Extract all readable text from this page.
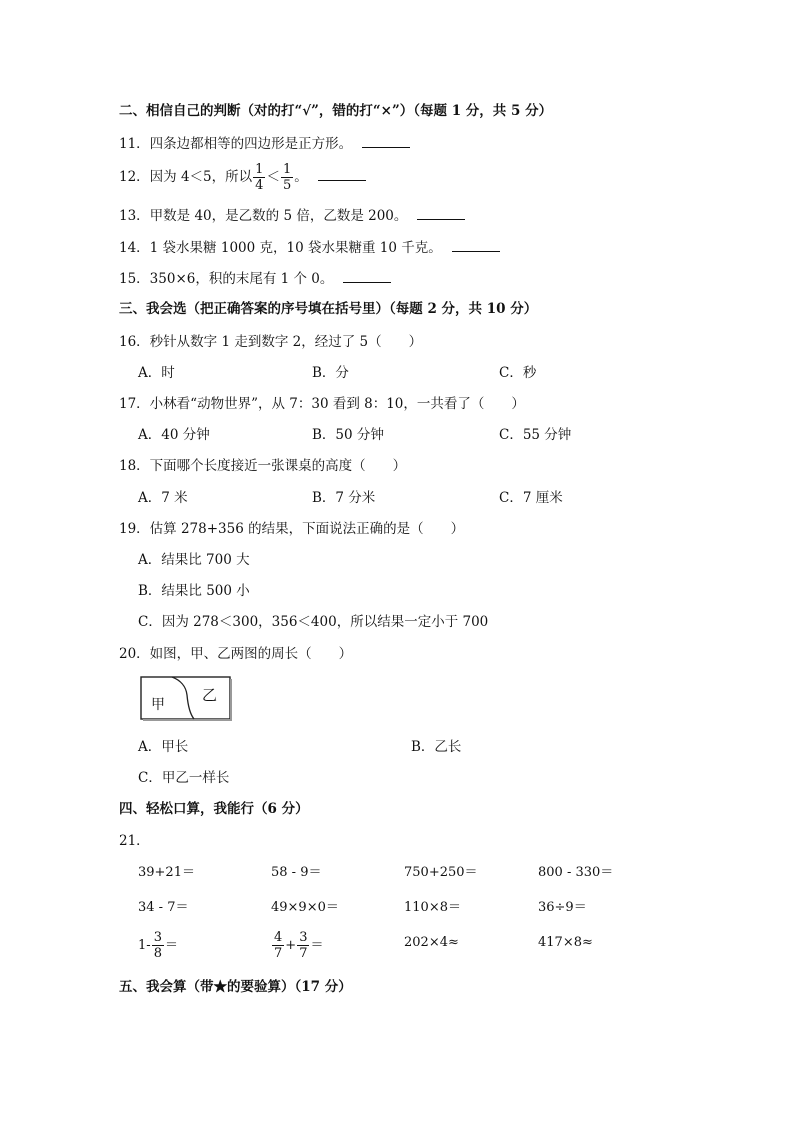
二、相信自己的判断（对的打“√”，错的打“×”）（每题 1 分，共 5 分）
11．四条边都相等的四边形是正方形。
12．因为 4＜5，所以 $\frac{1}{4} < \frac{1}{5}$ 。
13．甲数是 40，是乙数的 5 倍，乙数是 200。
14．1 袋水果糖 1000 克，10 袋水果糖重 10 千克。
15．350×6，积的末尾有 1 个 0。
三、我会选（把正确答案的序号填在括号里）（每题 2 分，共 10 分）
16．秒针从数字 1 走到数字 2，经过了 5（　　）
A．时	B．分	C．秒
17．小林看“动物世界”，从 7：30 看到 8：10，一共看了（　　）
A．40 分钟	B．50 分钟	C．55 分钟
18．下面哪个长度接近一张课桌的高度（　　）
A．7 米	B．7 分米	C．7 厘米
19．估算 278+356 的结果，下面说法正确的是（　　）
A．结果比 700 大
B．结果比 500 小
C．因为 278＜300，356＜400，所以结果一定小于 700
20．如图，甲、乙两图的周长（　　）
甲
乙
A．甲长	B．乙长
C．甲乙一样长
四、轻松口算，我能行（6 分）
21．
39+21＝	58 - 9＝	750+250＝	800 - 330＝
34 - 7＝	49×9×0＝	110×8＝	36÷9＝
$1- \frac{3}{8}$ ＝	$\frac{4}{7} + \frac{3}{7}$ ＝	202×4≈	417×8≈
五、我会算（带★的要验算）（17 分）
